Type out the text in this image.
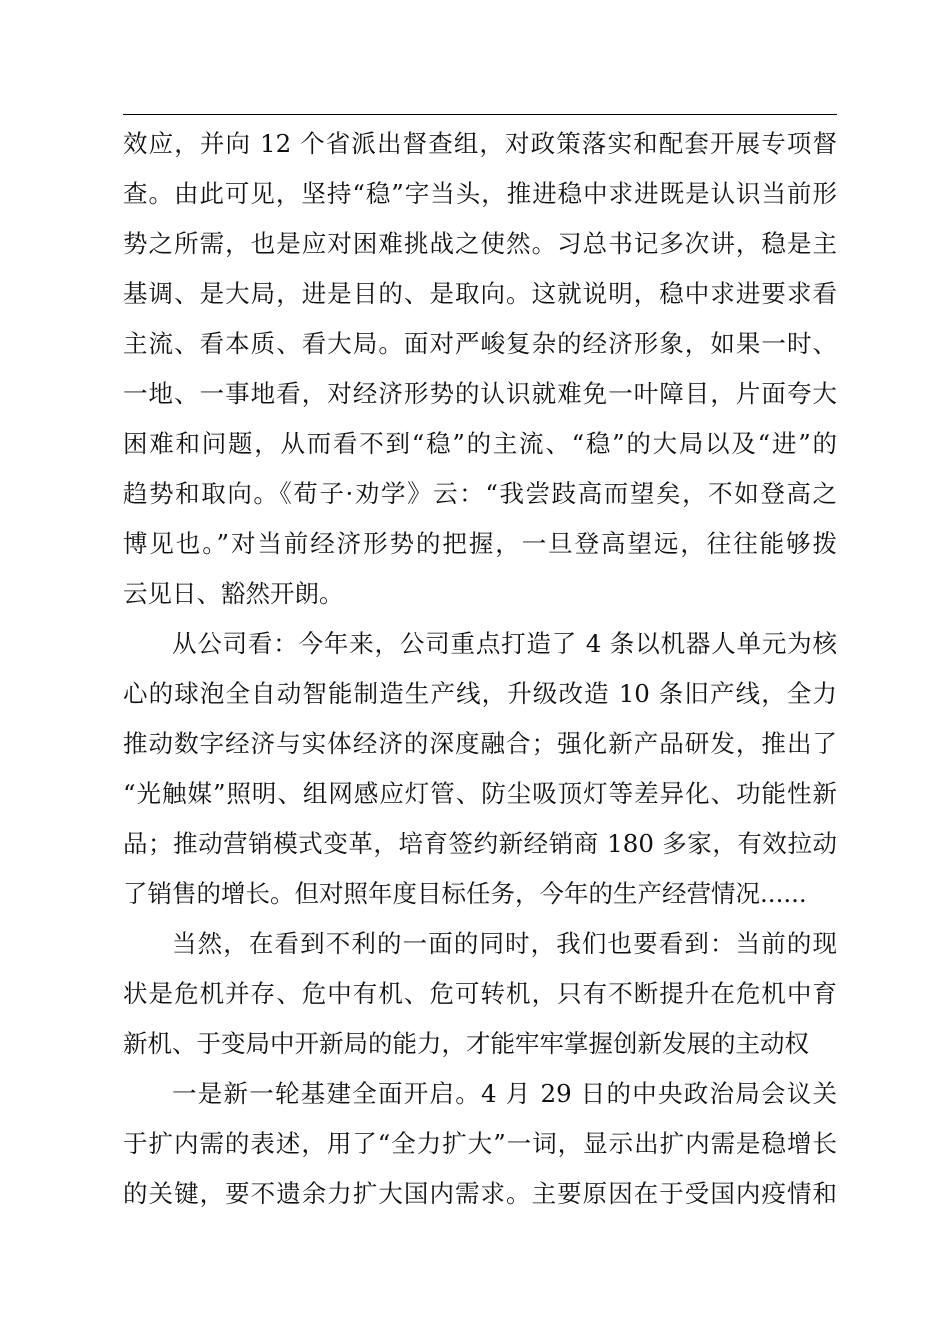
效应，并向 12 个省派出督查组，对政策落实和配套开展专项督
查。由此可见，坚持“稳”字当头，推进稳中求进既是认识当前形
势之所需，也是应对困难挑战之使然。习总书记多次讲，稳是主
基调、是大局，进是目的、是取向。这就说明，稳中求进要求看
主流、看本质、看大局。面对严峻复杂的经济形象，如果一时、
一地、一事地看，对经济形势的认识就难免一叶障目，片面夸大
困难和问题，从而看不到“稳”的主流、“稳”的大局以及“进”的
趋势和取向。《荀子·劝学》云：“我尝跂高而望矣，不如登高之
博见也。”对当前经济形势的把握，一旦登高望远，往往能够拨
云见日、豁然开朗。
从公司看：今年来，公司重点打造了 4 条以机器人单元为核
心的球泡全自动智能制造生产线，升级改造 10 条旧产线，全力
推动数字经济与实体经济的深度融合；强化新产品研发，推出了
“光触媒”照明、组网感应灯管、防尘吸顶灯等差异化、功能性新
品；推动营销模式变革，培育签约新经销商 180 多家，有效拉动
了销售的增长。但对照年度目标任务，今年的生产经营情况......
当然，在看到不利的一面的同时，我们也要看到：当前的现
状是危机并存、危中有机、危可转机，只有不断提升在危机中育
新机、于变局中开新局的能力，才能牢牢掌握创新发展的主动权
一是新一轮基建全面开启。4 月 29 日的中央政治局会议关
于扩内需的表述，用了“全力扩大”一词，显示出扩内需是稳增长
的关键，要不遗余力扩大国内需求。主要原因在于受国内疫情和
